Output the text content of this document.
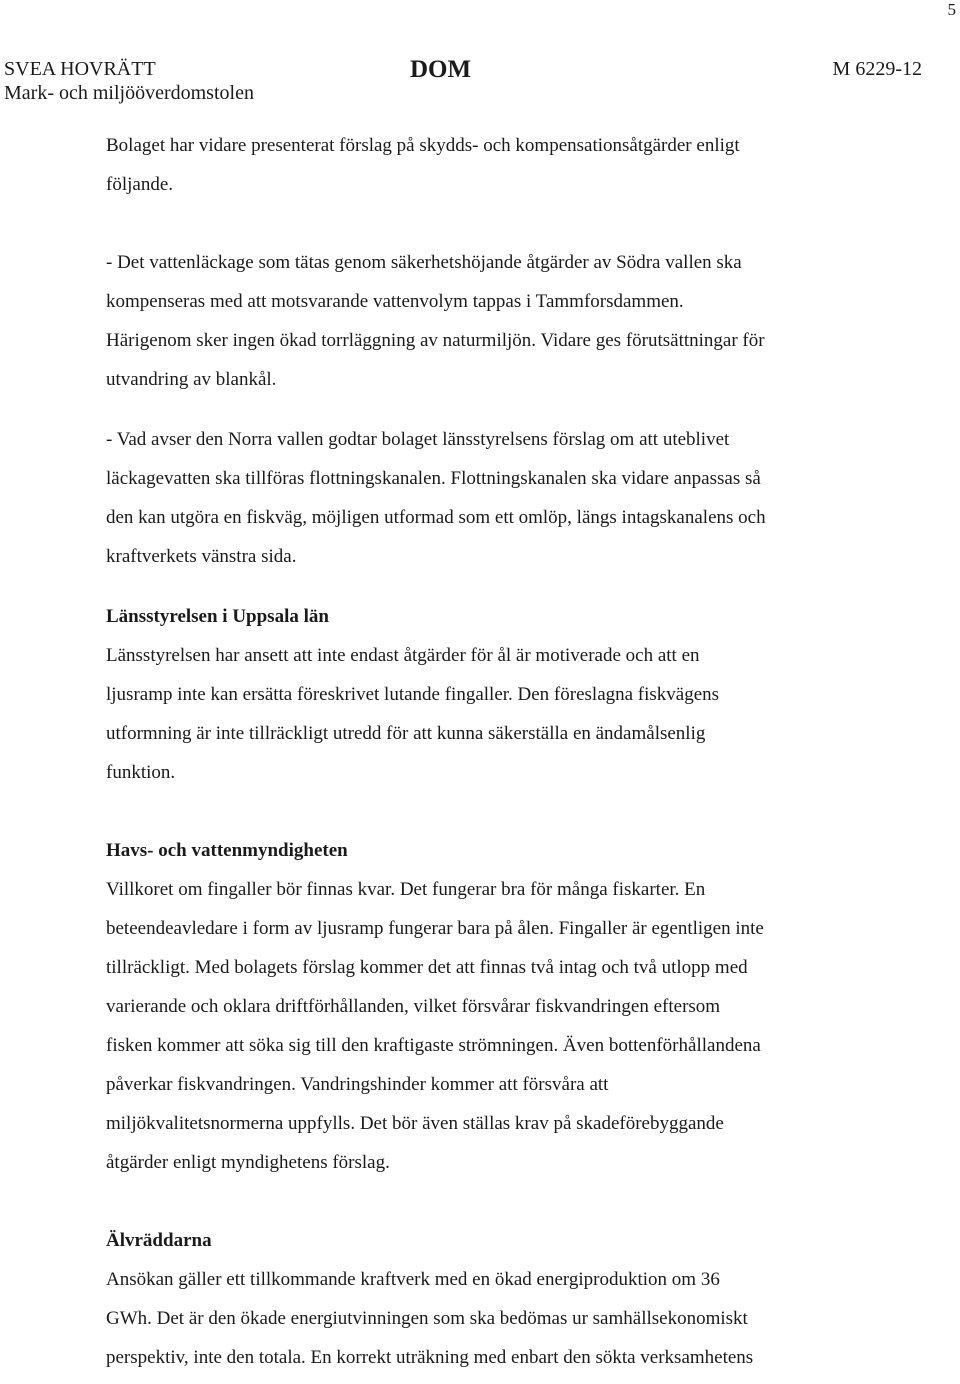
5
SVEA HOVRÄTT
Mark- och miljööverdomstolen
DOM	M 6229-12

Bolaget har vidare presenterat förslag på skydds- och kompensationsåtgärder enligt

följande.

- Det vattenläckage som tätas genom säkerhetshöjande åtgärder av Södra vallen ska

kompenseras med att motsvarande vattenvolym tappas i Tammforsdammen.

Härigenom sker ingen ökad torrläggning av naturmiljön. Vidare ges förutsättningar för

utvandring av blankål.

- Vad avser den Norra vallen godtar bolaget länsstyrelsens förslag om att uteblivet

läckagevatten ska tillföras flottningskanalen. Flottningskanalen ska vidare anpassas så

den kan utgöra en fiskväg, möjligen utformad som ett omlöp, längs intagskanalens och

kraftverkets vänstra sida.

Länsstyrelsen i Uppsala län

Länsstyrelsen har ansett att inte endast åtgärder för ål är motiverade och att en

ljusramp inte kan ersätta föreskrivet lutande fingaller. Den föreslagna fiskvägens

utformning är inte tillräckligt utredd för att kunna säkerställa en ändamålsenlig

funktion.

Havs- och vattenmyndigheten

Villkoret om fingaller bör finnas kvar. Det fungerar bra för många fiskarter. En

beteendeavledare i form av ljusramp fungerar bara på ålen. Fingaller är egentligen inte

tillräckligt. Med bolagets förslag kommer det att finnas två intag och två utlopp med

varierande och oklara driftförhållanden, vilket försvårar fiskvandringen eftersom

fisken kommer att söka sig till den kraftigaste strömningen. Även bottenförhållandena

påverkar fiskvandringen. Vandringshinder kommer att försvåra att

miljökvalitetsnormerna uppfylls. Det bör även ställas krav på skadeförebyggande

åtgärder enligt myndighetens förslag.

Älvräddarna

Ansökan gäller ett tillkommande kraftverk med en ökad energiproduktion om 36

GWh. Det är den ökade energiutvinningen som ska bedömas ur samhällsekonomiskt

perspektiv, inte den totala. En korrekt uträkning med enbart den sökta verksamhetens
